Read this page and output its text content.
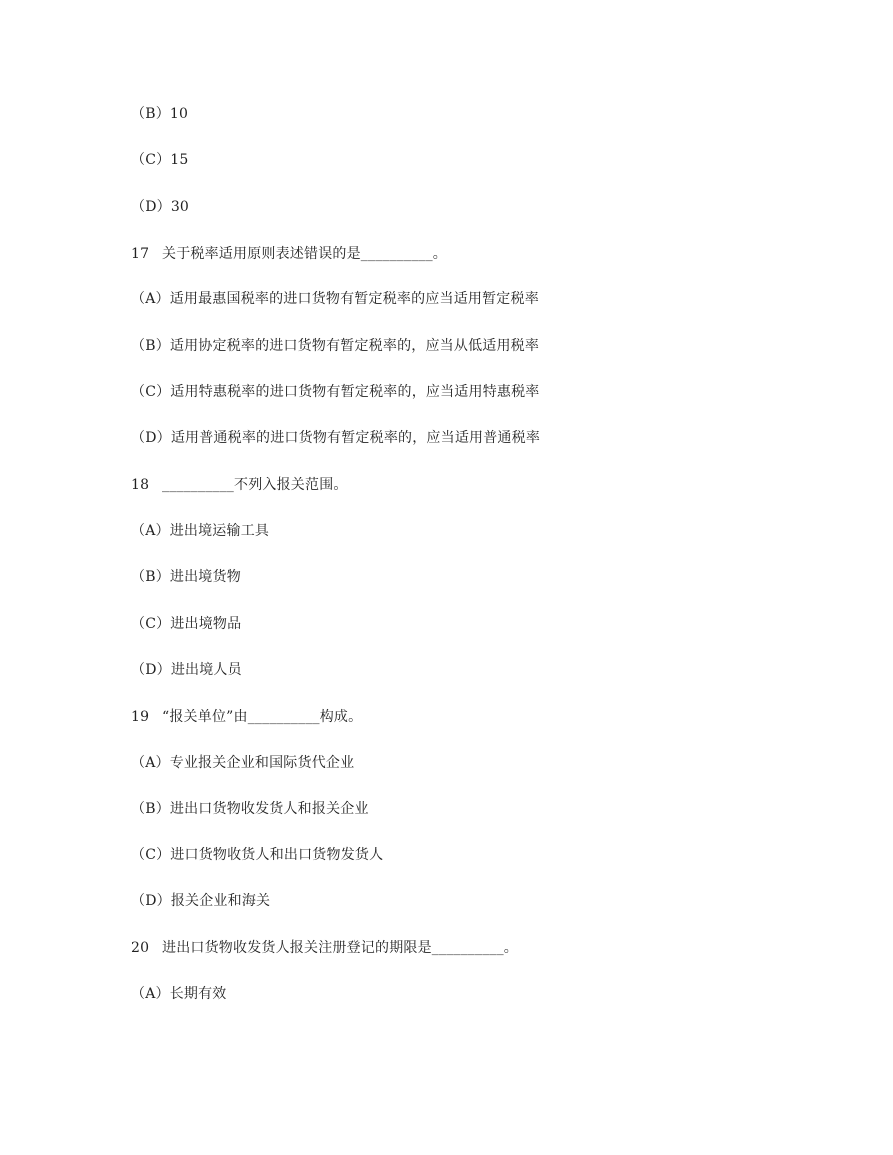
（B）10
（C）15
（D）30
17 关于税率适用原则表述错误的是__________。
（A）适用最惠国税率的进口货物有暂定税率的应当适用暂定税率
（B）适用协定税率的进口货物有暂定税率的，应当从低适用税率
（C）适用特惠税率的进口货物有暂定税率的，应当适用特惠税率
（D）适用普通税率的进口货物有暂定税率的，应当适用普通税率
18 __________不列入报关范围。
（A）进出境运输工具
（B）进出境货物
（C）进出境物品
（D）进出境人员
19 “报关单位”由__________构成。
（A）专业报关企业和国际货代企业
（B）进出口货物收发货人和报关企业
（C）进口货物收货人和出口货物发货人
（D）报关企业和海关
20 进出口货物收发货人报关注册登记的期限是__________。
（A）长期有效
